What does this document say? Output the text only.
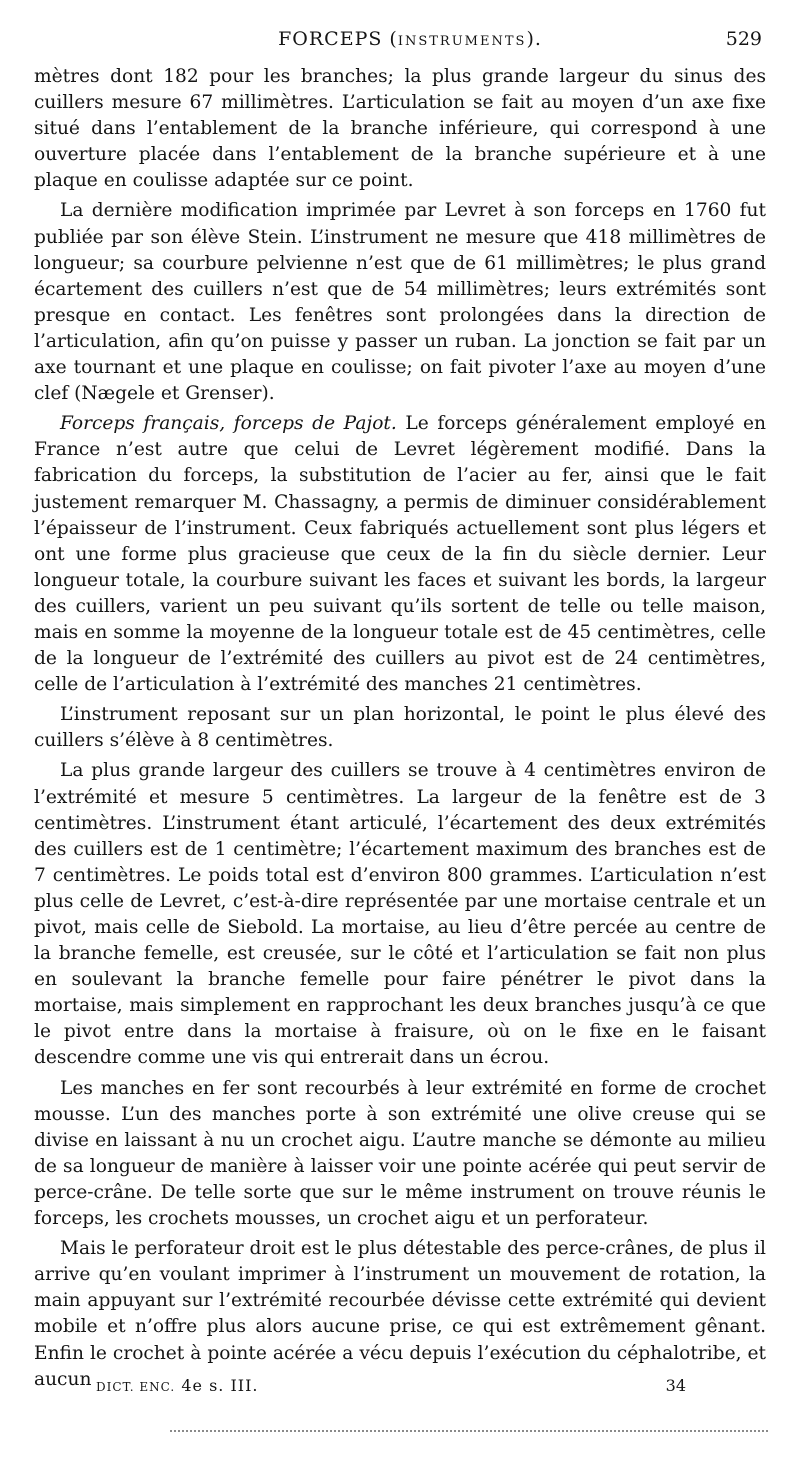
FORCEPS (INSTRUMENTS).	529

mètres dont 182 pour les branches; la plus grande largeur du sinus des cuillers mesure 67 millimètres. L’articulation se fait au moyen d’un axe fixe situé dans l’entablement de la branche inférieure, qui correspond à une ouverture placée dans l’entablement de la branche supérieure et à une plaque en coulisse adaptée sur ce point.

La dernière modification imprimée par Levret à son forceps en 1760 fut publiée par son élève Stein. L’instrument ne mesure que 418 millimètres de longueur; sa courbure pelvienne n’est que de 61 millimètres; le plus grand écartement des cuillers n’est que de 54 millimètres; leurs extrémités sont presque en contact. Les fenêtres sont prolongées dans la direction de l’articulation, afin qu’on puisse y passer un ruban. La jonction se fait par un axe tournant et une plaque en coulisse; on fait pivoter l’axe au moyen d’une clef (Nægele et Grenser).

Forceps français, forceps de Pajot. Le forceps généralement employé en France n’est autre que celui de Levret légèrement modifié. Dans la fabrication du forceps, la substitution de l’acier au fer, ainsi que le fait justement remarquer M. Chassagny, a permis de diminuer considérablement l’épaisseur de l’instrument. Ceux fabriqués actuellement sont plus légers et ont une forme plus gracieuse que ceux de la fin du siècle dernier. Leur longueur totale, la courbure suivant les faces et suivant les bords, la largeur des cuillers, varient un peu suivant qu’ils sortent de telle ou telle maison, mais en somme la moyenne de la longueur totale est de 45 centimètres, celle de la longueur de l’extrémité des cuillers au pivot est de 24 centimètres, celle de l’articulation à l’extrémité des manches 21 centimètres.

L’instrument reposant sur un plan horizontal, le point le plus élevé des cuillers s’élève à 8 centimètres.

La plus grande largeur des cuillers se trouve à 4 centimètres environ de l’extrémité et mesure 5 centimètres. La largeur de la fenêtre est de 3 centimètres. L’instrument étant articulé, l’écartement des deux extrémités des cuillers est de 1 centimètre; l’écartement maximum des branches est de 7 centimètres. Le poids total est d’environ 800 grammes. L’articulation n’est plus celle de Levret, c’est-à-dire représentée par une mortaise centrale et un pivot, mais celle de Siebold. La mortaise, au lieu d’être percée au centre de la branche femelle, est creusée, sur le côté et l’articulation se fait non plus en soulevant la branche femelle pour faire pénétrer le pivot dans la mortaise, mais simplement en rapprochant les deux branches jusqu’à ce que le pivot entre dans la mortaise à fraisure, où on le fixe en le faisant descendre comme une vis qui entrerait dans un écrou.

Les manches en fer sont recourbés à leur extrémité en forme de crochet mousse. L’un des manches porte à son extrémité une olive creuse qui se divise en laissant à nu un crochet aigu. L’autre manche se démonte au milieu de sa longueur de manière à laisser voir une pointe acérée qui peut servir de perce-crâne. De telle sorte que sur le même instrument on trouve réunis le forceps, les crochets mousses, un crochet aigu et un perforateur.

Mais le perforateur droit est le plus détestable des perce-crânes, de plus il arrive qu’en voulant imprimer à l’instrument un mouvement de rotation, la main appuyant sur l’extrémité recourbée dévisse cette extrémité qui devient mobile et n’offre plus alors aucune prise, ce qui est extrêmement gênant. Enfin le crochet à pointe acérée a vécu depuis l’exécution du céphalotribe, et aucun DICT. ENC. 4e s. III.	34
